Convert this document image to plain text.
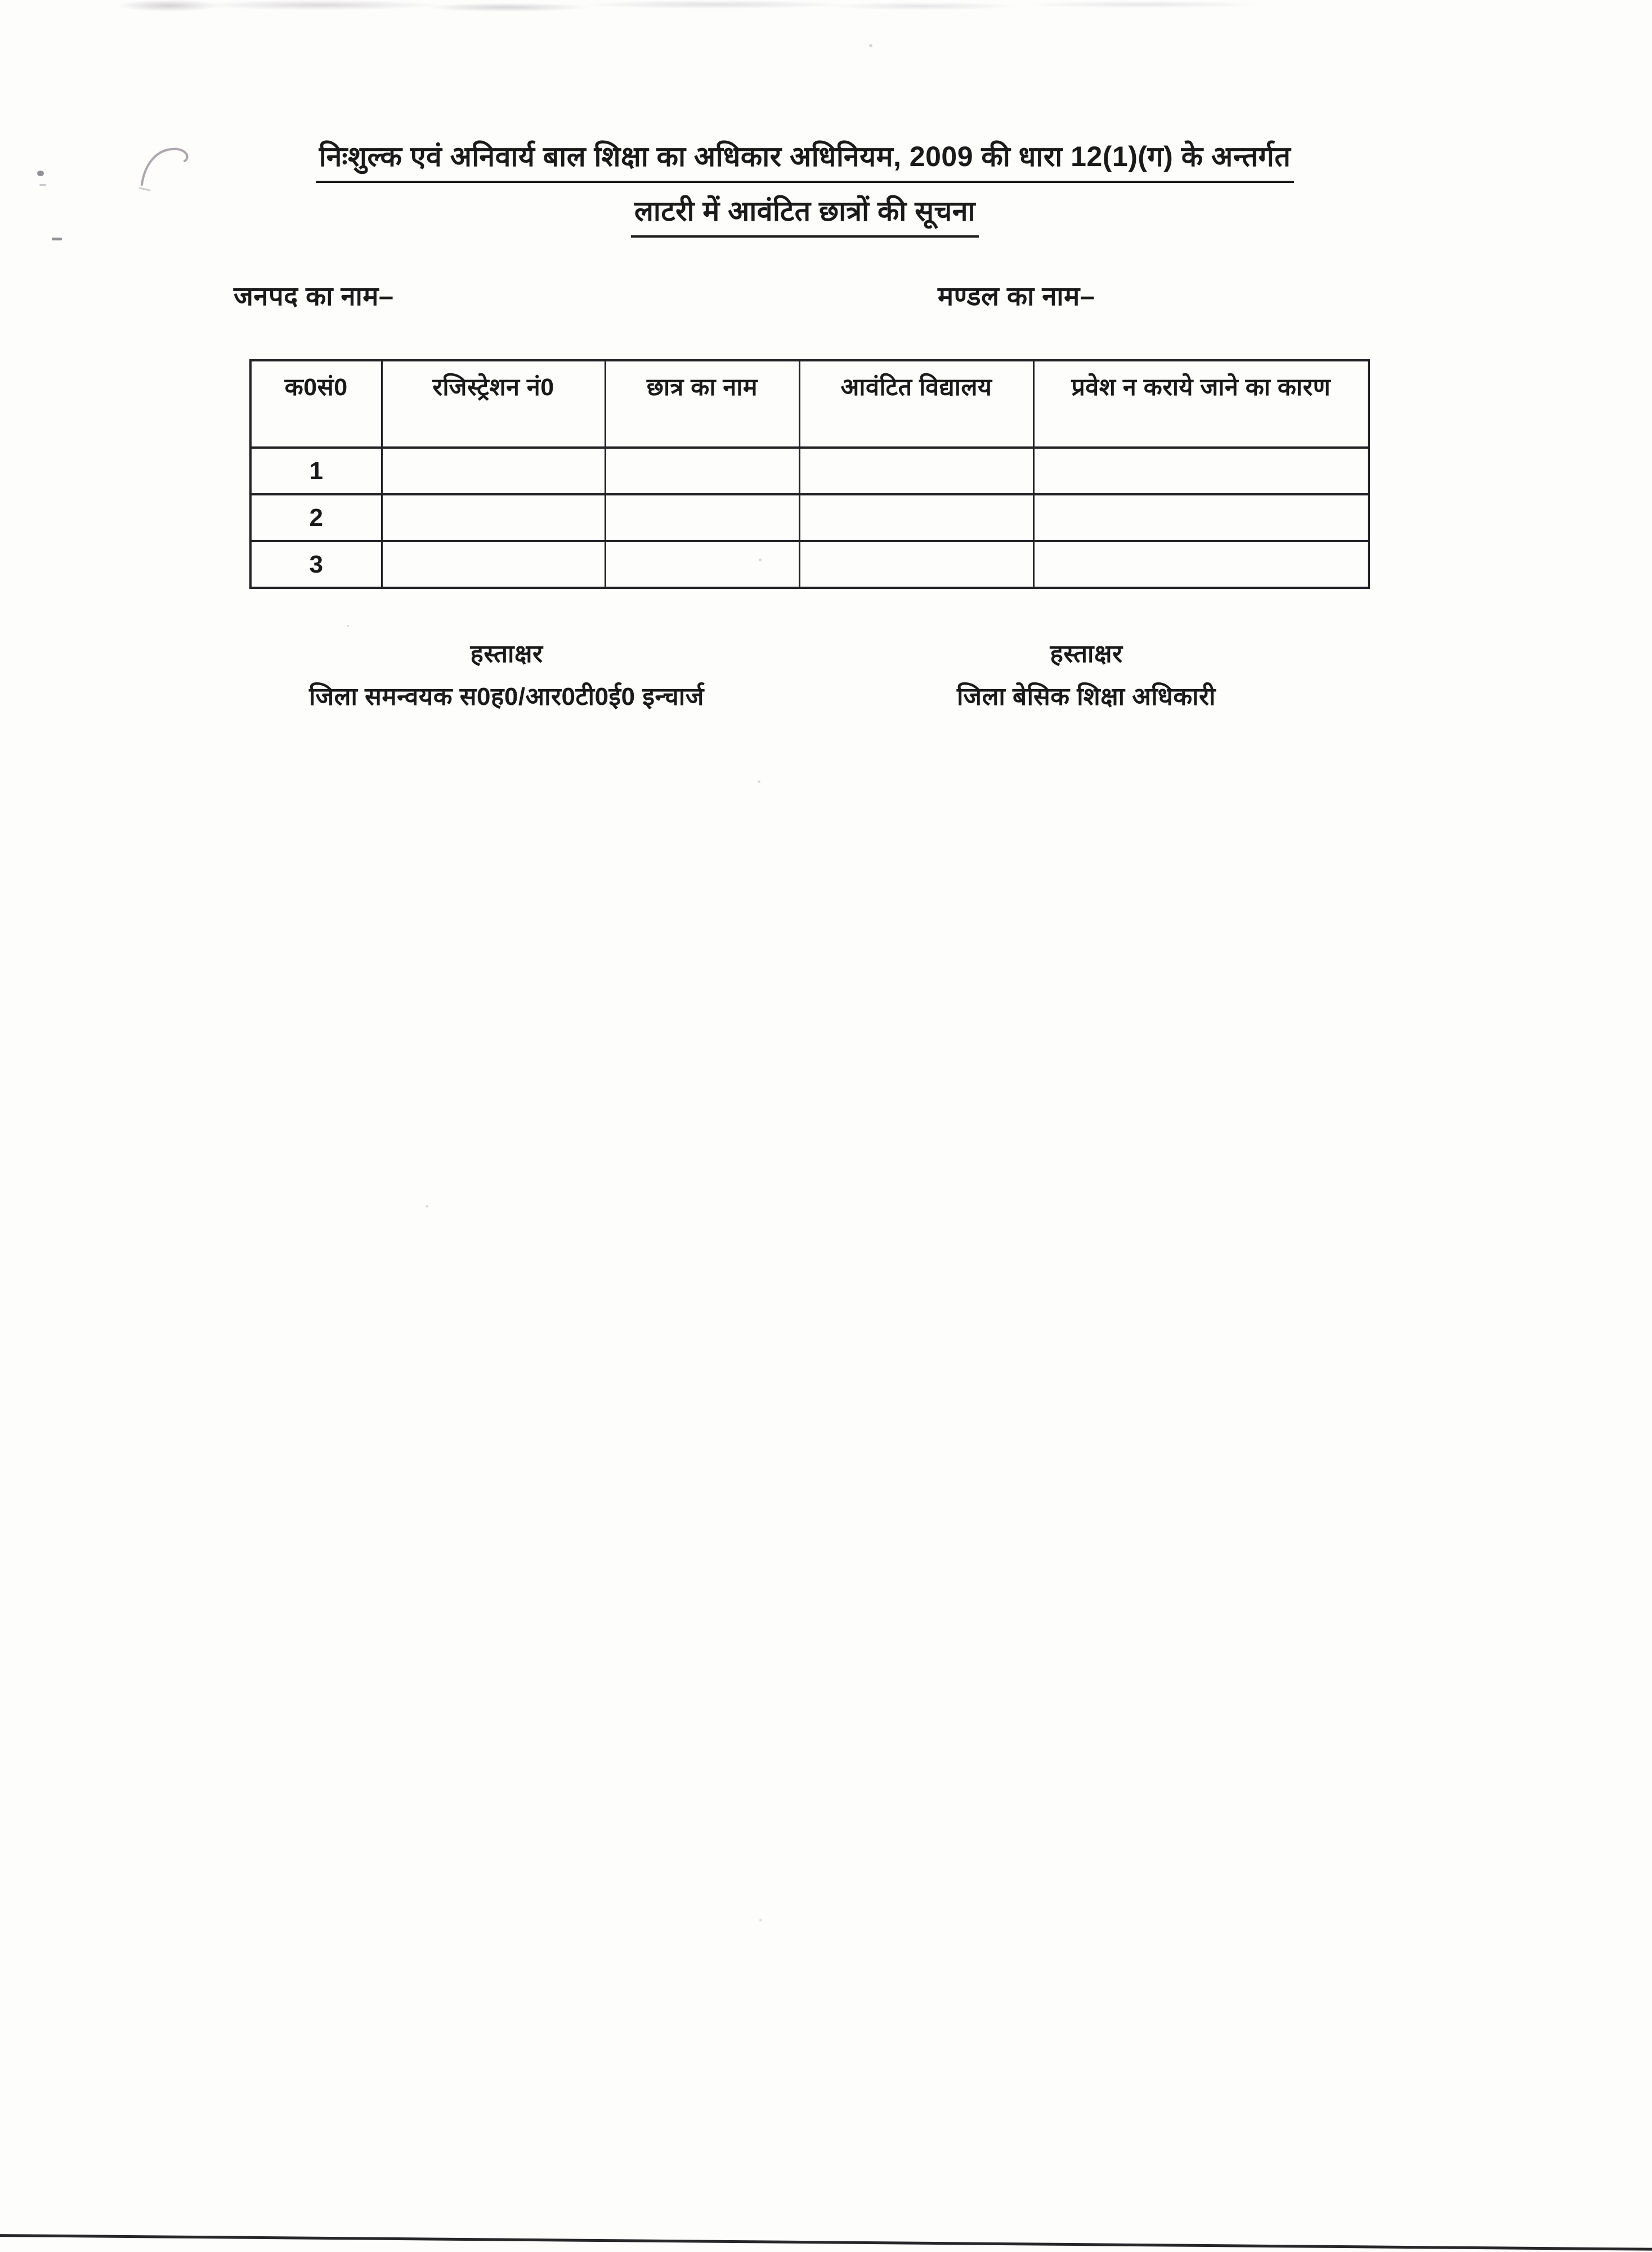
निःशुल्क एवं अनिवार्य बाल शिक्षा का अधिकार अधिनियम, 2009 की धारा 12(1)(ग) के अन्तर्गत
लाटरी में आवंटित छात्रों की सूचना
जनपद का नाम–	मण्डल का नाम–
क0सं0	रजिस्ट्रेशन नं0	छात्र का नाम	आवंटित विद्यालय	प्रवेश न कराये जाने का कारण
1				
2				
3				
हस्ताक्षर
जिला समन्वयक स0ह0/आर0टी0ई0 इन्चार्ज
हस्ताक्षर
जिला बेसिक शिक्षा अधिकारी
